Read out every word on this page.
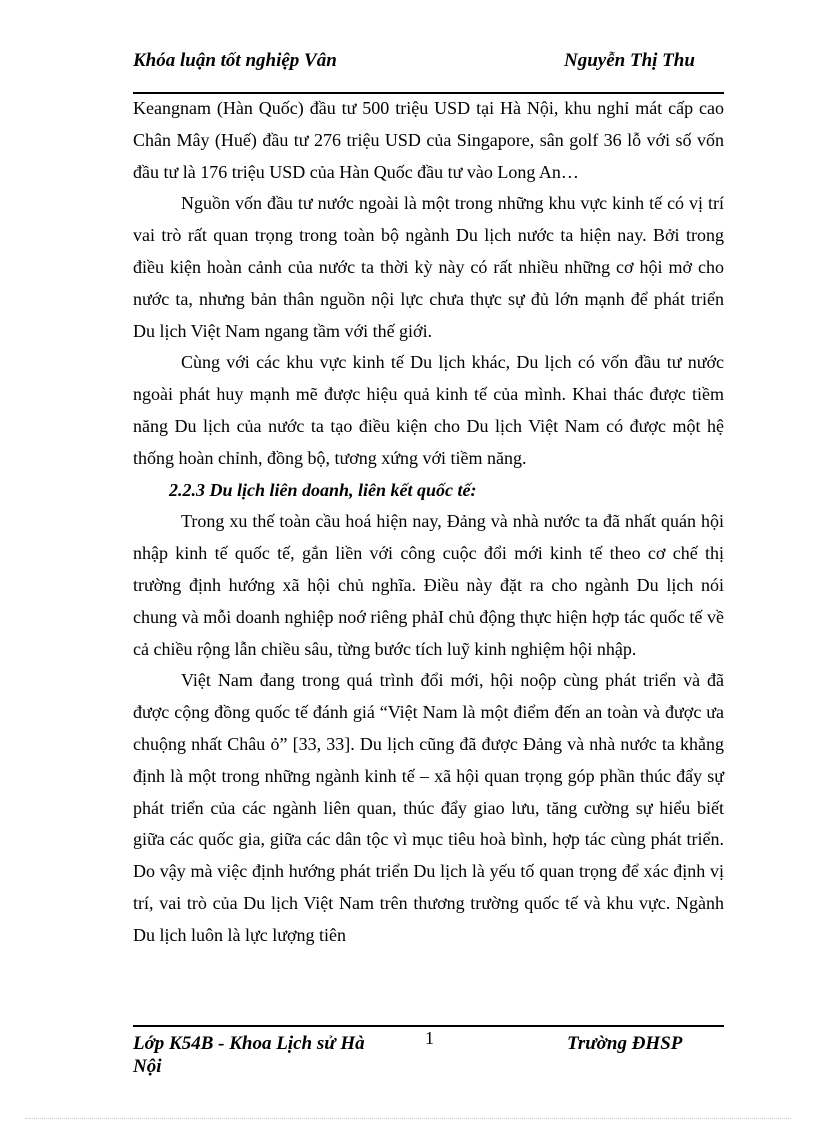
Khóa luận tốt nghiệp Vân	Nguyễn Thị Thu

Keangnam (Hàn Quốc) đầu tư 500 triệu USD tại Hà Nội, khu nghỉ mát cấp cao Chân Mây (Huế) đầu tư 276 triệu USD của Singapore, sân golf 36 lỗ với số vốn đầu tư là 176 triệu USD của Hàn Quốc đầu tư vào Long An…

Nguồn vốn đầu tư nước ngoài là một trong những khu vực kinh tế có vị trí vai trò rất quan trọng trong toàn bộ ngành Du lịch nước ta hiện nay. Bởi trong điều kiện hoàn cảnh của nước ta thời kỳ này có rất nhiều những cơ hội mở cho nước ta, nhưng bản thân nguồn nội lực chưa thực sự đủ lớn mạnh để phát triển Du lịch Việt Nam ngang tầm với thế giới.

Cùng với các khu vực kinh tế Du lịch khác, Du lịch có vốn đầu tư nước ngoài phát huy mạnh mẽ được hiệu quả kinh tế của mình. Khai thác được tiềm năng Du lịch của nước ta tạo điều kiện cho Du lịch Việt Nam có được một hệ thống hoàn chỉnh, đồng bộ, tương xứng với tiềm năng.

2.2.3 Du lịch liên doanh, liên kết quốc tế:

Trong xu thế toàn cầu hoá hiện nay, Đảng và nhà nước ta đã nhất quán hội nhập kinh tế quốc tế, gắn liền với công cuộc đổi mới kinh tế theo cơ chế thị trường định hướng xã hội chủ nghĩa. Điều này đặt ra cho ngành Du lịch nói chung và mỗi doanh nghiệp noớ riêng phảI chủ động thực hiện hợp tác quốc tế về cả chiều rộng lẫn chiều sâu, từng bước tích luỹ kinh nghiệm hội nhập.

Việt Nam đang trong quá trình đổi mới, hội noộp cùng phát triển và đã được cộng đồng quốc tế đánh giá “Việt Nam là một điểm đến an toàn và được ưa chuộng nhất Châu ỏ” [33, 33]. Du lịch cũng đã được Đảng và nhà nước ta khẳng định là một trong những ngành kinh tế – xã hội quan trọng góp phần thúc đẩy sự phát triển của các ngành liên quan, thúc đẩy giao lưu, tăng cường sự hiểu biết giữa các quốc gia, giữa các dân tộc vì mục tiêu hoà bình, hợp tác cùng phát triển. Do vậy mà việc định hướng phát triển Du lịch là yếu tố quan trọng để xác định vị trí, vai trò của Du lịch Việt Nam trên thương trường quốc tế và khu vực. Ngành Du lịch luôn là lực lượng tiên

1
Lớp K54B - Khoa Lịch sử Hà Nội
Trường ĐHSP
